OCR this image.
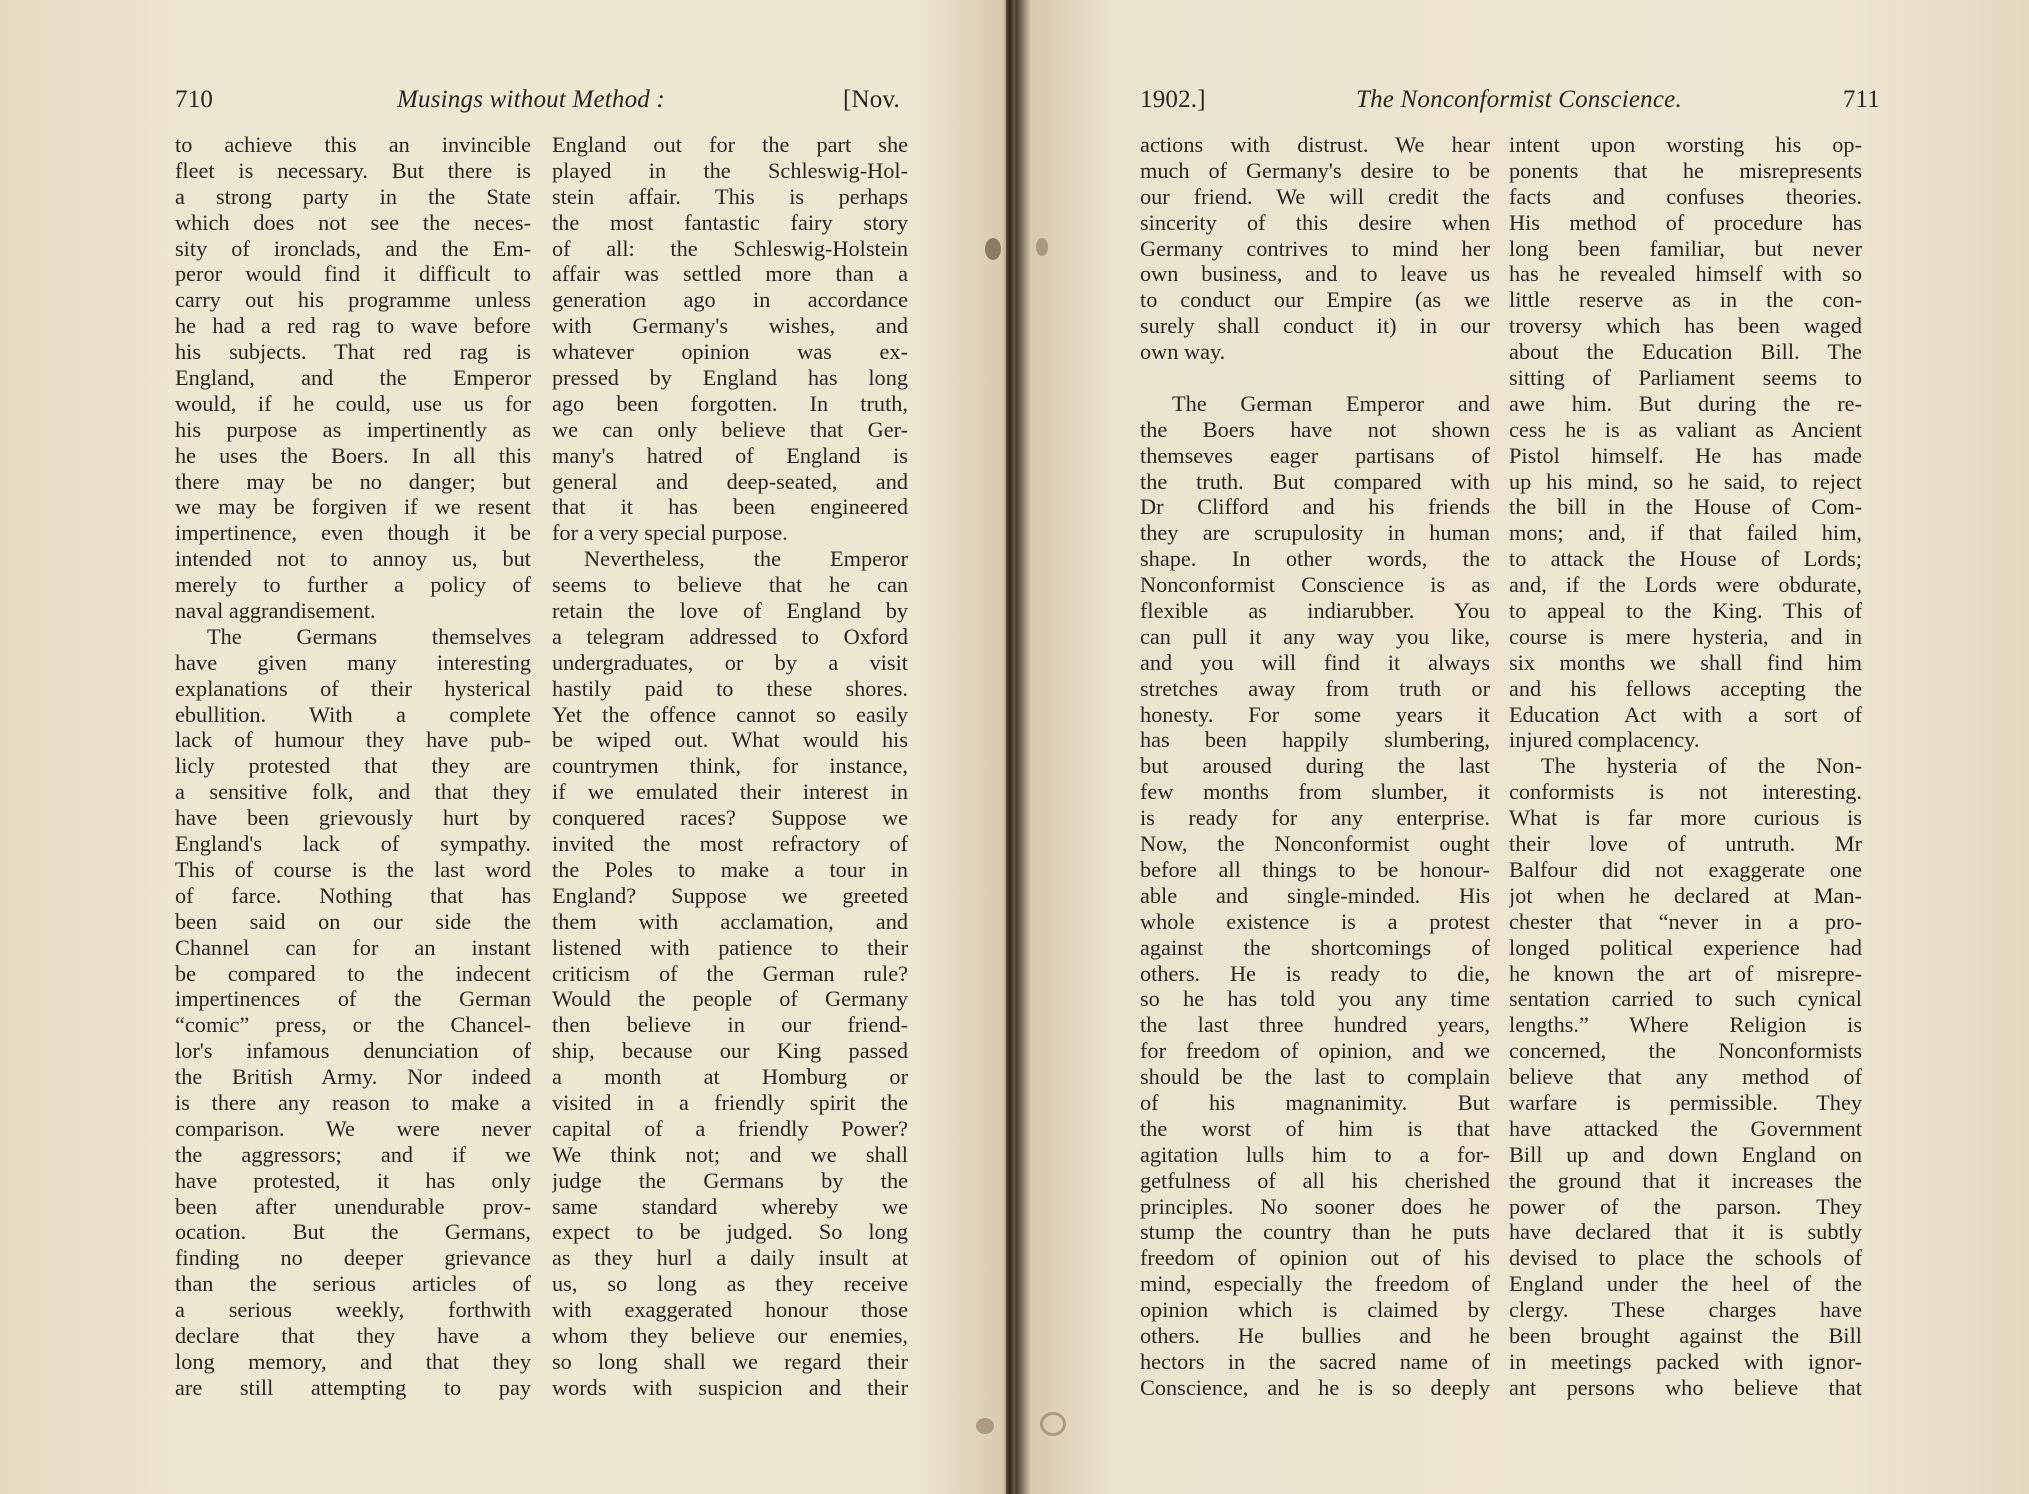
710	Musings without Method :	[Nov.
to achieve this an invincible
fleet is necessary. But there is
a strong party in the State
which does not see the neces-
sity of ironclads, and the Em-
peror would find it difficult to
carry out his programme unless
he had a red rag to wave before
his subjects. That red rag is
England, and the Emperor
would, if he could, use us for
his purpose as impertinently as
he uses the Boers. In all this
there may be no danger; but
we may be forgiven if we resent
impertinence, even though it be
intended not to annoy us, but
merely to further a policy of
naval aggrandisement.
The Germans themselves
have given many interesting
explanations of their hysterical
ebullition. With a complete
lack of humour they have pub-
licly protested that they are
a sensitive folk, and that they
have been grievously hurt by
England's lack of sympathy.
This of course is the last word
of farce. Nothing that has
been said on our side the
Channel can for an instant
be compared to the indecent
impertinences of the German
“comic” press, or the Chancel-
lor's infamous denunciation of
the British Army. Nor indeed
is there any reason to make a
comparison. We were never
the aggressors; and if we
have protested, it has only
been after unendurable prov-
ocation. But the Germans,
finding no deeper grievance
than the serious articles of
a serious weekly, forthwith
declare that they have a
long memory, and that they
are still attempting to pay
England out for the part she
played in the Schleswig-Hol-
stein affair. This is perhaps
the most fantastic fairy story
of all: the Schleswig-Holstein
affair was settled more than a
generation ago in accordance
with Germany's wishes, and
whatever opinion was ex-
pressed by England has long
ago been forgotten. In truth,
we can only believe that Ger-
many's hatred of England is
general and deep-seated, and
that it has been engineered
for a very special purpose.
Nevertheless, the Emperor
seems to believe that he can
retain the love of England by
a telegram addressed to Oxford
undergraduates, or by a visit
hastily paid to these shores.
Yet the offence cannot so easily
be wiped out. What would his
countrymen think, for instance,
if we emulated their interest in
conquered races? Suppose we
invited the most refractory of
the Poles to make a tour in
England? Suppose we greeted
them with acclamation, and
listened with patience to their
criticism of the German rule?
Would the people of Germany
then believe in our friend-
ship, because our King passed
a month at Homburg or
visited in a friendly spirit the
capital of a friendly Power?
We think not; and we shall
judge the Germans by the
same standard whereby we
expect to be judged. So long
as they hurl a daily insult at
us, so long as they receive
with exaggerated honour those
whom they believe our enemies,
so long shall we regard their
words with suspicion and their
1902.]	The Nonconformist Conscience.	711
actions with distrust. We hear
much of Germany's desire to be
our friend. We will credit the
sincerity of this desire when
Germany contrives to mind her
own business, and to leave us
to conduct our Empire (as we
surely shall conduct it) in our
own way.
The German Emperor and
the Boers have not shown
themseves eager partisans of
the truth. But compared with
Dr Clifford and his friends
they are scrupulosity in human
shape. In other words, the
Nonconformist Conscience is as
flexible as indiarubber. You
can pull it any way you like,
and you will find it always
stretches away from truth or
honesty. For some years it
has been happily slumbering,
but aroused during the last
few months from slumber, it
is ready for any enterprise.
Now, the Nonconformist ought
before all things to be honour-
able and single-minded. His
whole existence is a protest
against the shortcomings of
others. He is ready to die,
so he has told you any time
the last three hundred years,
for freedom of opinion, and we
should be the last to complain
of his magnanimity. But
the worst of him is that
agitation lulls him to a for-
getfulness of all his cherished
principles. No sooner does he
stump the country than he puts
freedom of opinion out of his
mind, especially the freedom of
opinion which is claimed by
others. He bullies and he
hectors in the sacred name of
Conscience, and he is so deeply
intent upon worsting his op-
ponents that he misrepresents
facts and confuses theories.
His method of procedure has
long been familiar, but never
has he revealed himself with so
little reserve as in the con-
troversy which has been waged
about the Education Bill. The
sitting of Parliament seems to
awe him. But during the re-
cess he is as valiant as Ancient
Pistol himself. He has made
up his mind, so he said, to reject
the bill in the House of Com-
mons; and, if that failed him,
to attack the House of Lords;
and, if the Lords were obdurate,
to appeal to the King. This of
course is mere hysteria, and in
six months we shall find him
and his fellows accepting the
Education Act with a sort of
injured complacency.
The hysteria of the Non-
conformists is not interesting.
What is far more curious is
their love of untruth. Mr
Balfour did not exaggerate one
jot when he declared at Man-
chester that “never in a pro-
longed political experience had
he known the art of misrepre-
sentation carried to such cynical
lengths.” Where Religion is
concerned, the Nonconformists
believe that any method of
warfare is permissible. They
have attacked the Government
Bill up and down England on
the ground that it increases the
power of the parson. They
have declared that it is subtly
devised to place the schools of
England under the heel of the
clergy. These charges have
been brought against the Bill
in meetings packed with ignor-
ant persons who believe that
